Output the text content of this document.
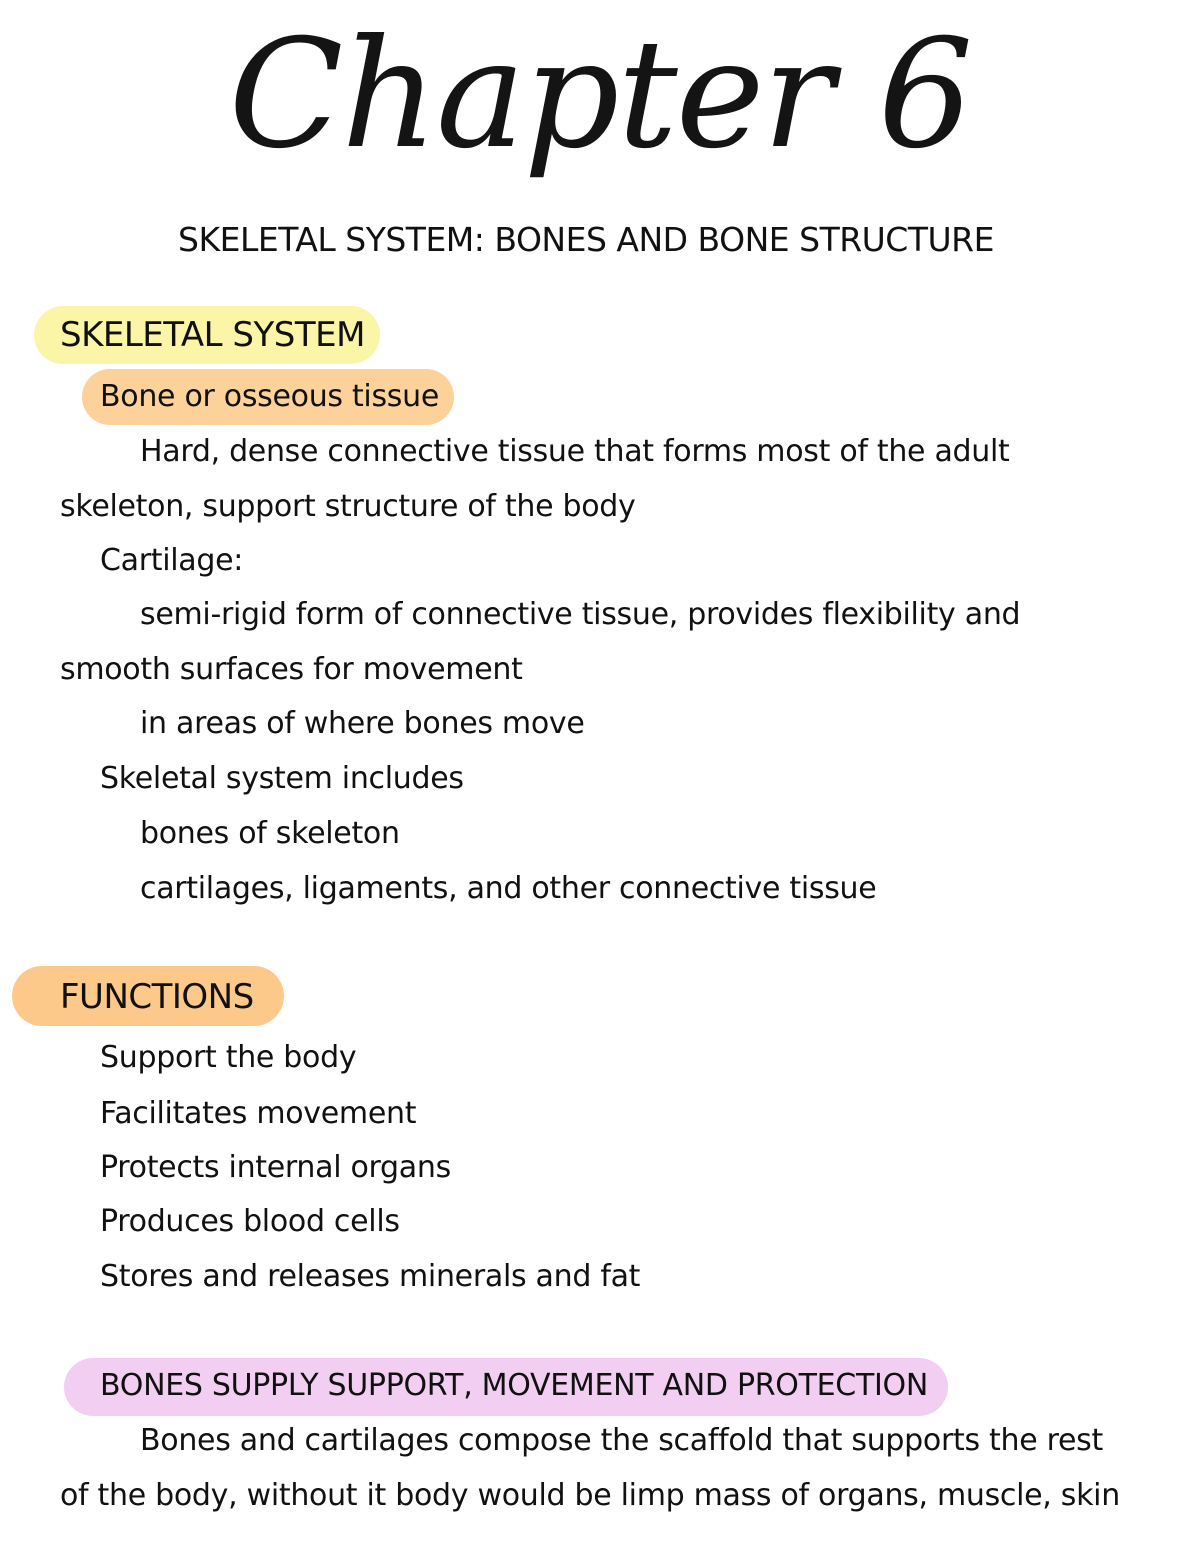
Chapter 6
SKELETAL SYSTEM: BONES AND BONE STRUCTURE
SKELETAL SYSTEM
Bone or osseous tissue
Hard, dense connective tissue that forms most of the adult
skeleton, support structure of the body
Cartilage:
semi-rigid form of connective tissue, provides flexibility and
smooth surfaces for movement
in areas of where bones move
Skeletal system includes
bones of skeleton
cartilages, ligaments, and other connective tissue
FUNCTIONS
Support the body
Facilitates movement
Protects internal organs
Produces blood cells
Stores and releases minerals and fat
BONES SUPPLY SUPPORT, MOVEMENT AND PROTECTION
Bones and cartilages compose the scaffold that supports the rest
of the body, without it body would be limp mass of organs, muscle, skin
